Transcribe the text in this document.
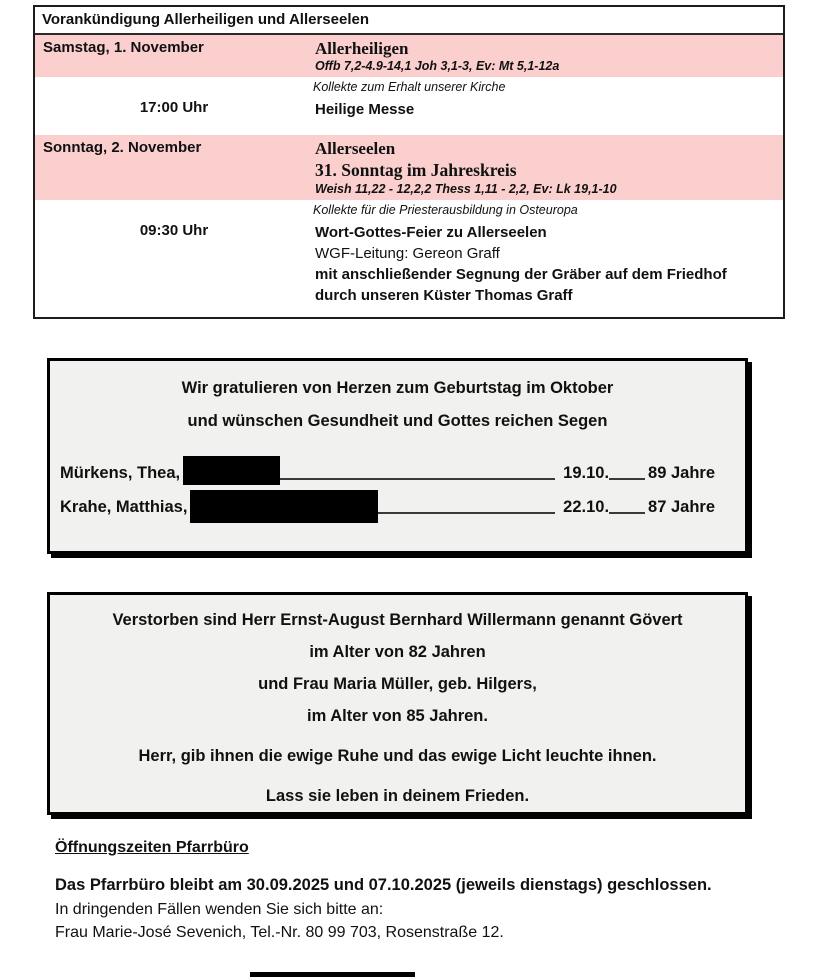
Vorankündigung Allerheiligen und Allerseelen
Samstag, 1. November	Allerheiligen
Offb 7,2-4.9-14,1 Joh 3,1-3, Ev: Mt 5,1-12a
Kollekte zum Erhalt unserer Kirche
17:00 Uhr	Heilige Messe
Sonntag, 2. November	Allerseelen
31. Sonntag im Jahreskreis
Weish 11,22 - 12,2,2 Thess 1,11 - 2,2, Ev: Lk 19,1-10
Kollekte für die Priesterausbildung in Osteuropa
09:30 Uhr	Wort-Gottes-Feier zu Allerseelen
WGF-Leitung: Gereon Graff
mit anschließender Segnung der Gräber auf dem Friedhof
durch unseren Küster Thomas Graff
Wir gratulieren von Herzen zum Geburtstag im Oktober
und wünschen Gesundheit und Gottes reichen Segen
Mürkens, Thea,	19.10. 89 Jahre
Krahe, Matthias,	22.10. 87 Jahre
Verstorben sind Herr Ernst-August Bernhard Willermann genannt Gövert
im Alter von 82 Jahren
und Frau Maria Müller, geb. Hilgers,
im Alter von 85 Jahren.
Herr, gib ihnen die ewige Ruhe und das ewige Licht leuchte ihnen.
Lass sie leben in deinem Frieden.
Öffnungszeiten Pfarrbüro
Das Pfarrbüro bleibt am 30.09.2025 und 07.10.2025 (jeweils dienstags) geschlossen.
In dringenden Fällen wenden Sie sich bitte an:
Frau Marie-José Sevenich, Tel.-Nr. 80 99 703, Rosenstraße 12.
